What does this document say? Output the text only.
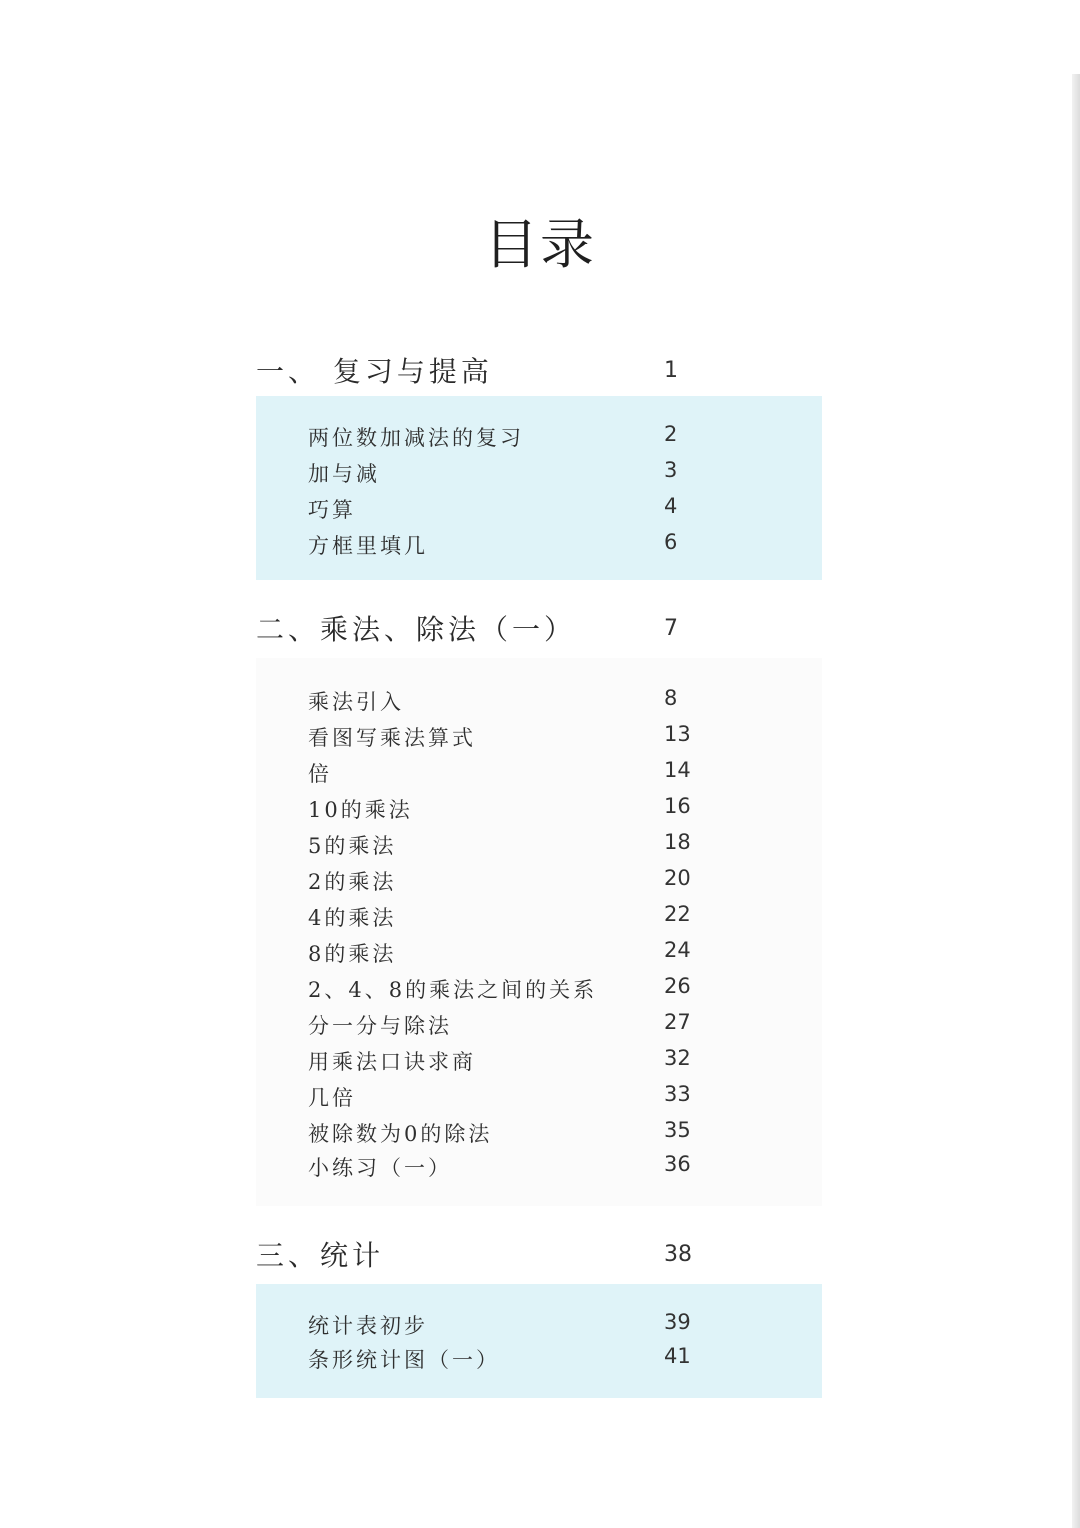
目录
一、 复习与提高	1
两位数加减法的复习	2
加与减	3
巧算	4
方框里填几	6
二、乘法、除法（一）	7
乘法引入	8
看图写乘法算式	13
倍	14
10的乘法	16
5的乘法	18
2的乘法	20
4的乘法	22
8的乘法	24
2、4、8的乘法之间的关系	26
分一分与除法	27
用乘法口诀求商	32
几倍	33
被除数为0的除法	35
小练习（一）	36
三、统计	38
统计表初步	39
条形统计图（一）	41
